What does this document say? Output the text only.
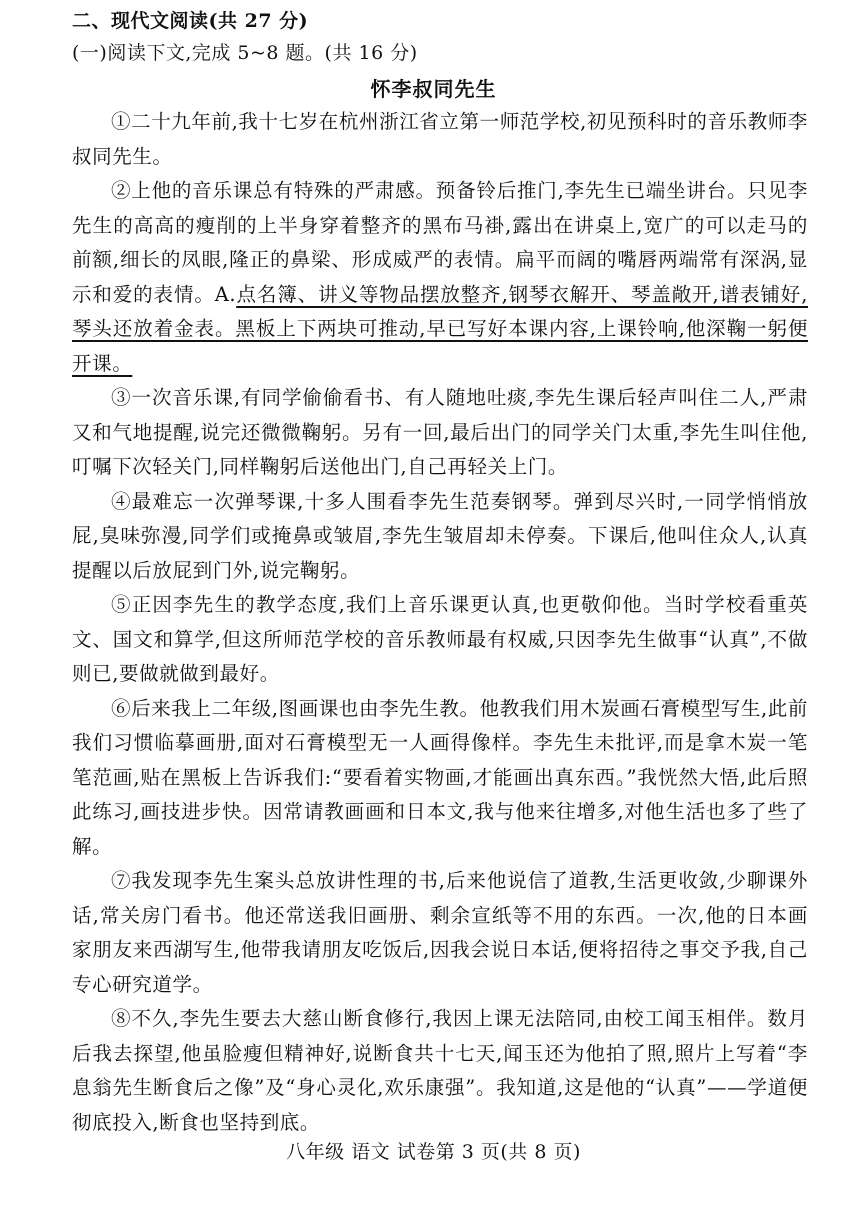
二、现代文阅读(共 27 分)
(一)阅读下文,完成 5~8 题。(共 16 分)
怀李叔同先生

①二十九年前,我十七岁在杭州浙江省立第一师范学校,初见预科时的音乐教师李叔同先生。

②上他的音乐课总有特殊的严肃感。预备铃后推门,李先生已端坐讲台。只见李先生的高高的瘦削的上半身穿着整齐的黑布马褂,露出在讲桌上,宽广的可以走马的前额,细长的凤眼,隆正的鼻梁、形成威严的表情。扁平而阔的嘴唇两端常有深涡,显示和爱的表情。A.点名簿、讲义等物品摆放整齐,钢琴衣解开、琴盖敞开,谱表铺好,琴头还放着金表。黑板上下两块可推动,早已写好本课内容,上课铃响,他深鞠一躬便开课。

③一次音乐课,有同学偷偷看书、有人随地吐痰,李先生课后轻声叫住二人,严肃又和气地提醒,说完还微微鞠躬。另有一回,最后出门的同学关门太重,李先生叫住他,叮嘱下次轻关门,同样鞠躬后送他出门,自己再轻关上门。

④最难忘一次弹琴课,十多人围看李先生范奏钢琴。弹到尽兴时,一同学悄悄放屁,臭味弥漫,同学们或掩鼻或皱眉,李先生皱眉却未停奏。下课后,他叫住众人,认真提醒以后放屁到门外,说完鞠躬。

⑤正因李先生的教学态度,我们上音乐课更认真,也更敬仰他。当时学校看重英文、国文和算学,但这所师范学校的音乐教师最有权威,只因李先生做事“认真”,不做则已,要做就做到最好。

⑥后来我上二年级,图画课也由李先生教。他教我们用木炭画石膏模型写生,此前我们习惯临摹画册,面对石膏模型无一人画得像样。李先生未批评,而是拿木炭一笔笔范画,贴在黑板上告诉我们:“要看着实物画,才能画出真东西。”我恍然大悟,此后照此练习,画技进步快。因常请教画画和日本文,我与他来往增多,对他生活也多了些了解。

⑦我发现李先生案头总放讲性理的书,后来他说信了道教,生活更收敛,少聊课外话,常关房门看书。他还常送我旧画册、剩余宣纸等不用的东西。一次,他的日本画家朋友来西湖写生,他带我请朋友吃饭后,因我会说日本话,便将招待之事交予我,自己专心研究道学。

⑧不久,李先生要去大慈山断食修行,我因上课无法陪同,由校工闻玉相伴。数月后我去探望,他虽脸瘦但精神好,说断食共十七天,闻玉还为他拍了照,照片上写着“李息翁先生断食后之像”及“身心灵化,欢乐康强”。我知道,这是他的“认真”——学道便彻底投入,断食也坚持到底。

八年级 语文 试卷第 3 页(共 8 页)
